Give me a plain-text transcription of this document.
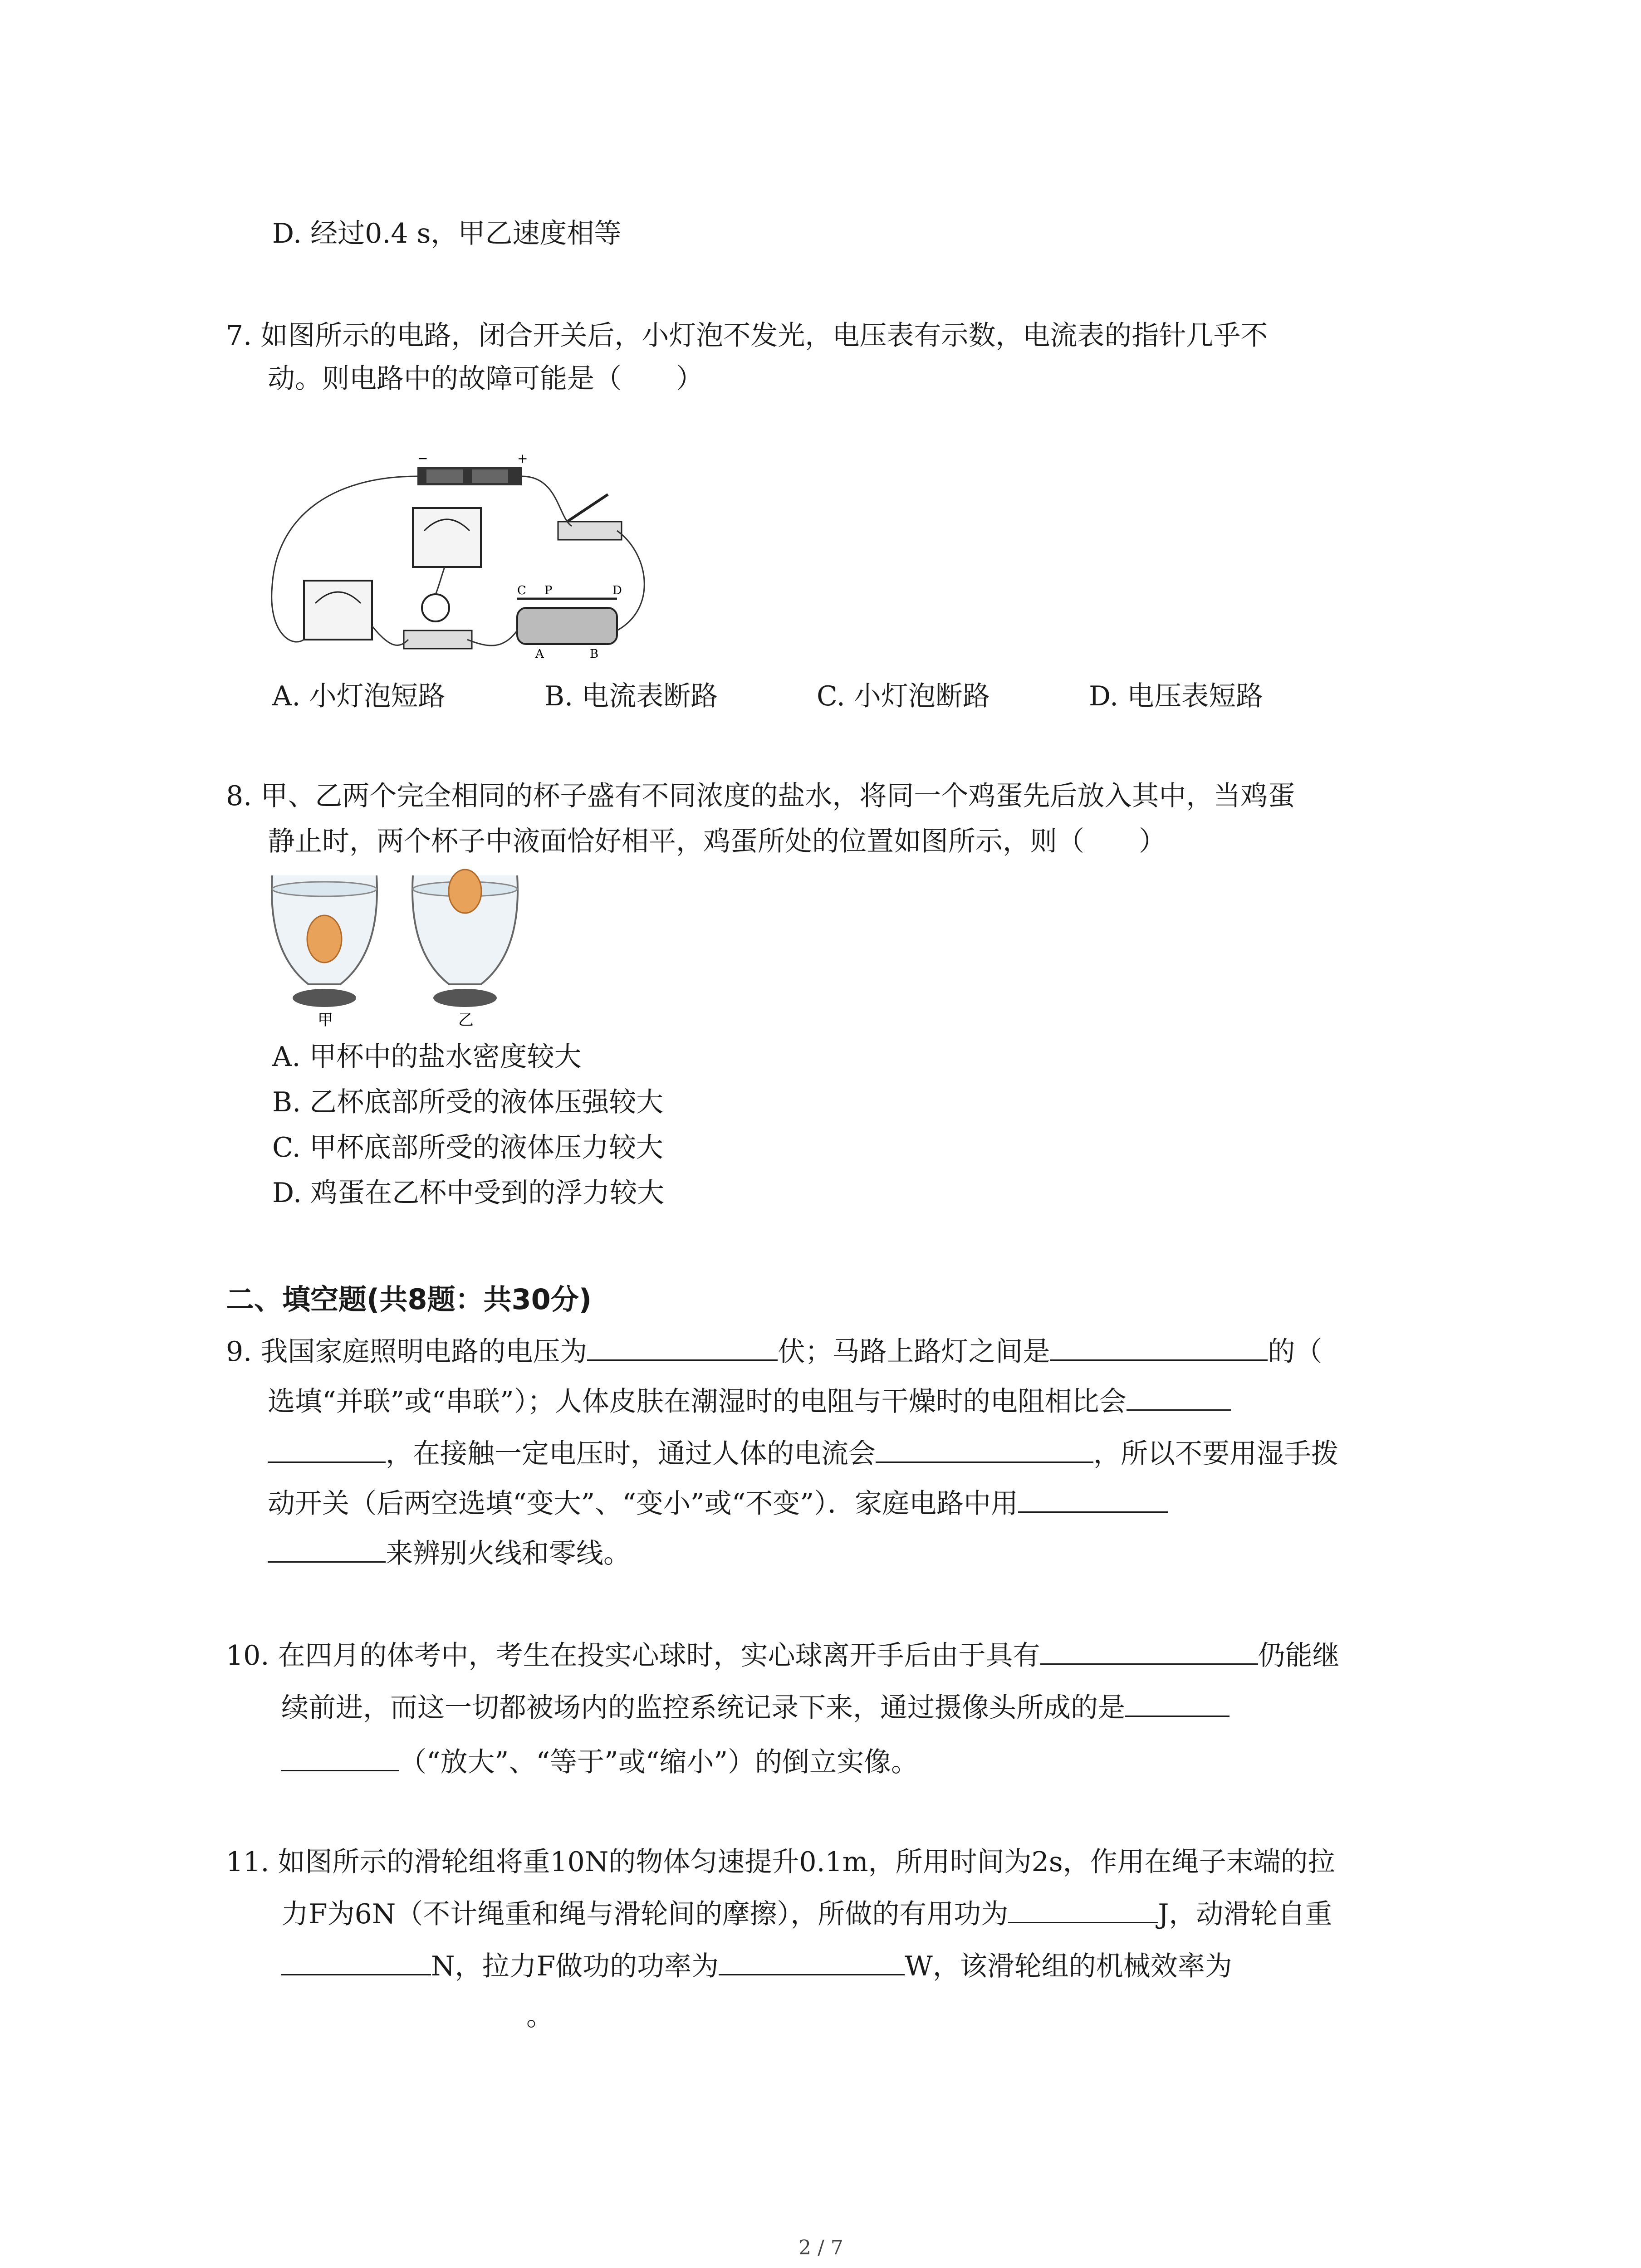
D. 经过0.4 s，甲乙速度相等
7. 如图所示的电路，闭合开关后，小灯泡不发光，电压表有示数，电流表的指针几乎不
动。则电路中的故障可能是（　　）
−	+
C P	D
A	B
A. 小灯泡短路	B. 电流表断路	C. 小灯泡断路	D. 电压表短路
8. 甲、乙两个完全相同的杯子盛有不同浓度的盐水，将同一个鸡蛋先后放入其中，当鸡蛋
静止时，两个杯子中液面恰好相平，鸡蛋所处的位置如图所示，则（　　）
甲	乙
A. 甲杯中的盐水密度较大
B. 乙杯底部所受的液体压强较大
C. 甲杯底部所受的液体压力较大
D. 鸡蛋在乙杯中受到的浮力较大
二、填空题(共8题：共30分)
9. 我国家庭照明电路的电压为	伏；马路上路灯之间是	的（
选填“并联”或“串联”）；人体皮肤在潮湿时的电阻与干燥时的电阻相比会
，在接触一定电压时，通过人体的电流会	，所以不要用湿手拨
动开关（后两空选填“变大”、“变小”或“不变”）．家庭电路中用
来辨别火线和零线。
10. 在四月的体考中，考生在投实心球时，实心球离开手后由于具有	仍能继
续前进，而这一切都被场内的监控系统记录下来，通过摄像头所成的是
（“放大”、“等于”或“缩小”）的倒立实像。
11. 如图所示的滑轮组将重10N的物体匀速提升0.1m，所用时间为2s，作用在绳子末端的拉
力F为6N（不计绳重和绳与滑轮间的摩擦），所做的有用功为	J，动滑轮自重
N，拉力F做功的功率为	W，该滑轮组的机械效率为
。
2 / 7
